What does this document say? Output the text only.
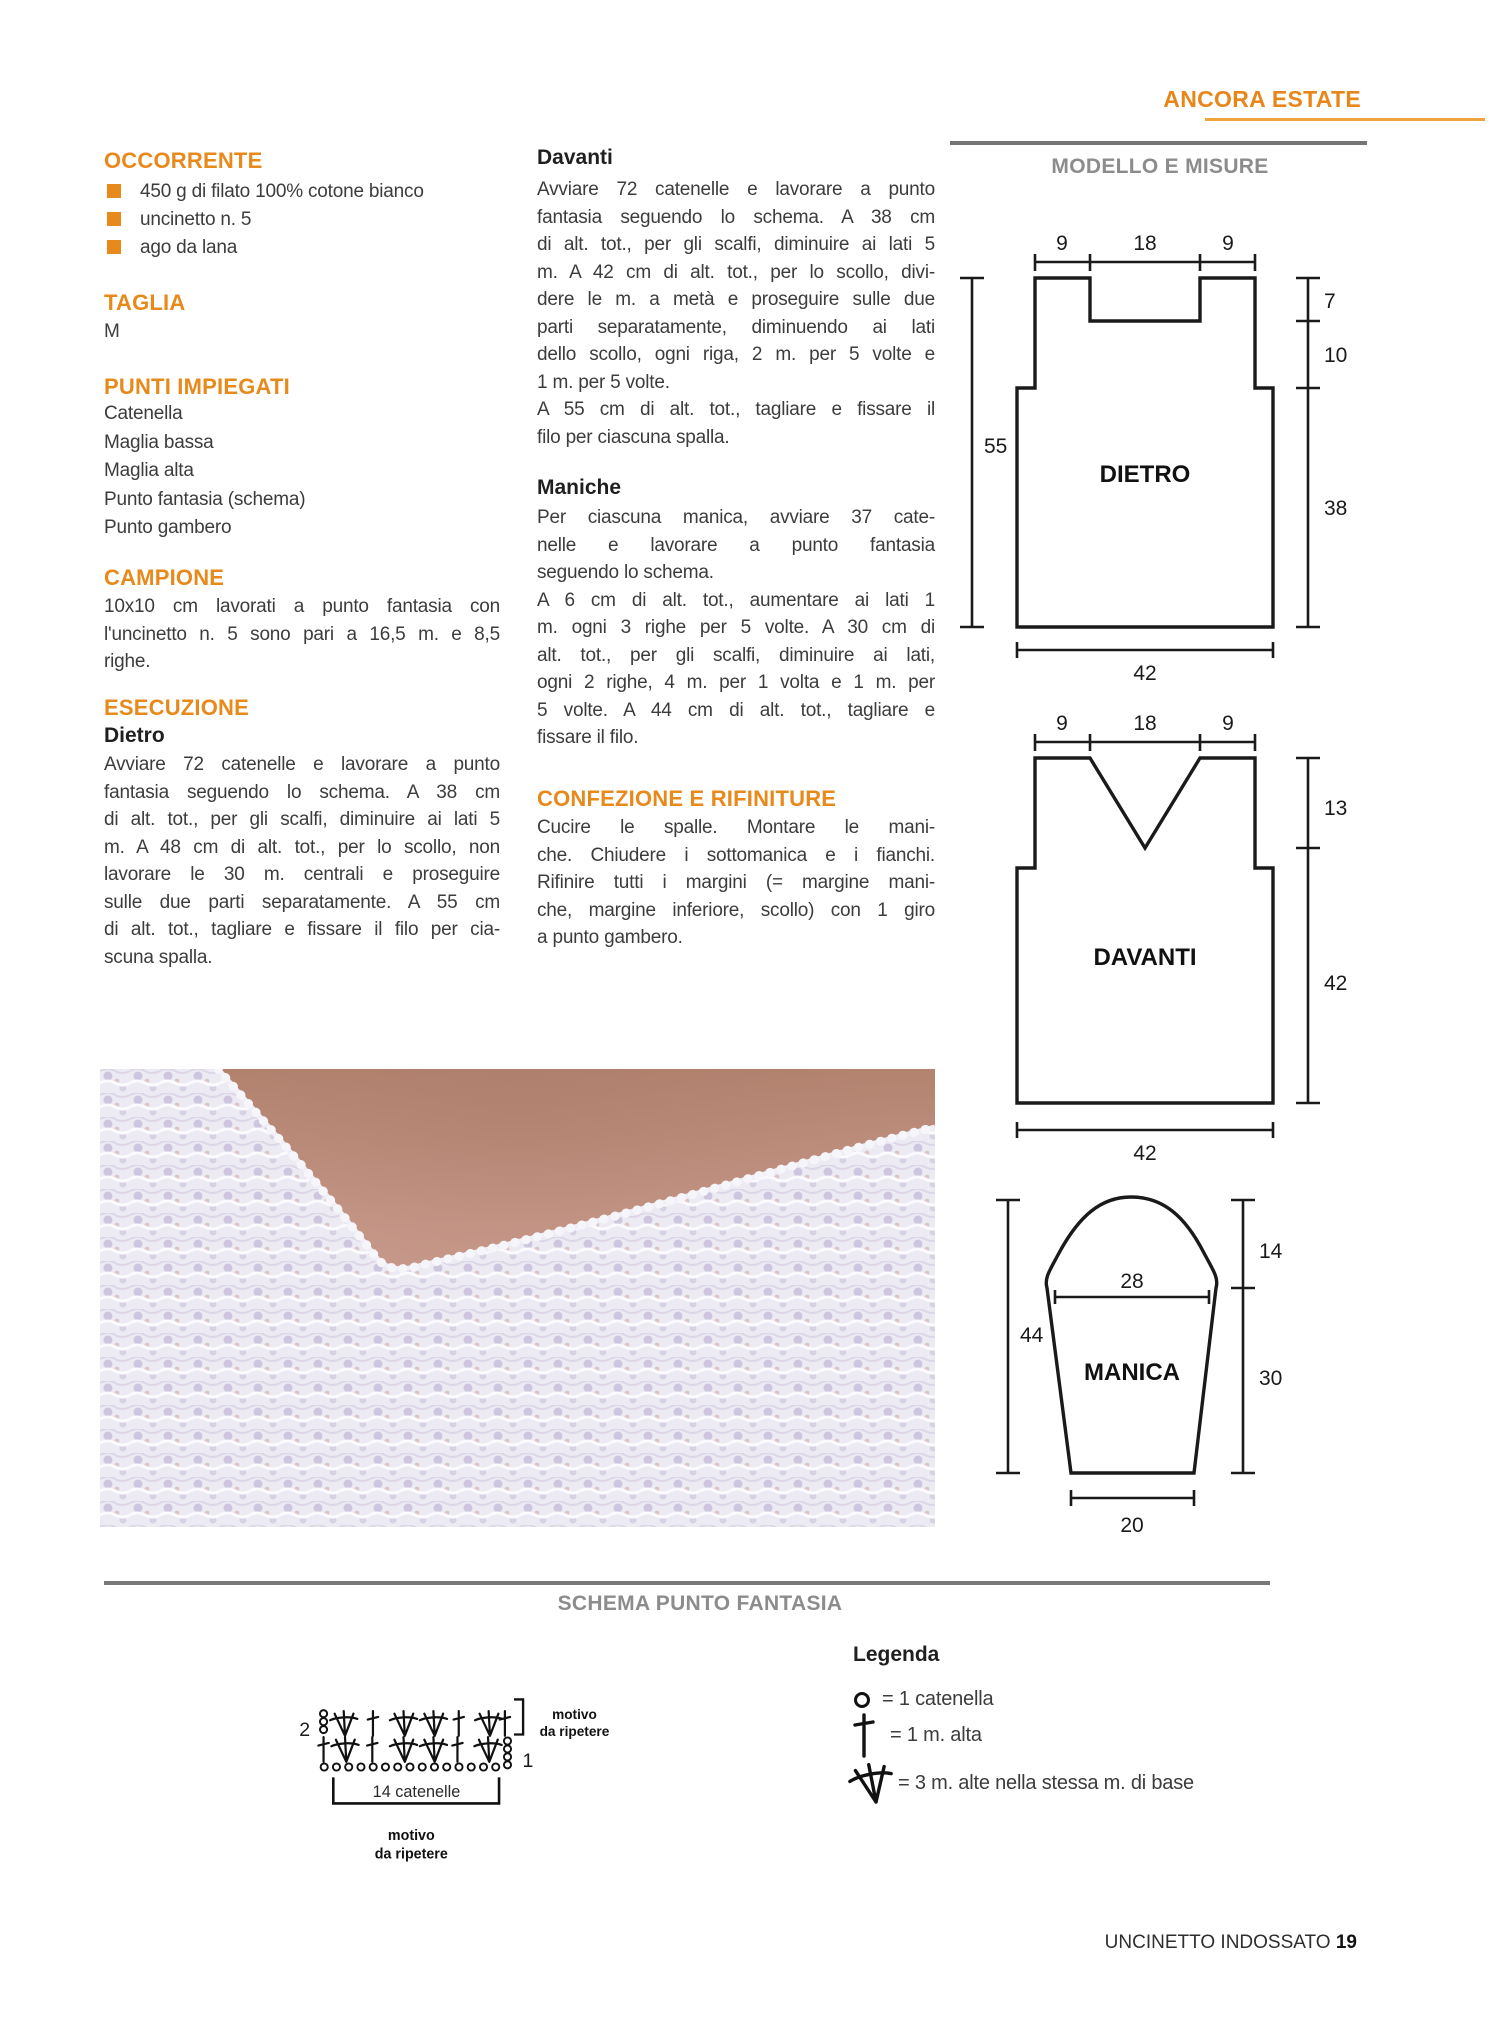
ANCORA ESTATE
OCCORRENTE
450 g di filato 100% cotone bianco
uncinetto n. 5
ago da lana
TAGLIA
M
PUNTI IMPIEGATI
Catenella
Maglia bassa
Maglia alta
Punto fantasia (schema)
Punto gambero
CAMPIONE
10x10 cm lavorati a punto fantasia con
l'uncinetto n. 5 sono pari a 16,5 m. e 8,5
righe.
ESECUZIONE
Dietro
Avviare 72 catenelle e lavorare a punto
fantasia seguendo lo schema. A 38 cm
di alt. tot., per gli scalfi, diminuire ai lati 5
m. A 48 cm di alt. tot., per lo scollo, non
lavorare le 30 m. centrali e proseguire
sulle due parti separatamente. A 55 cm
di alt. tot., tagliare e fissare il filo per cia-
scuna spalla.
Davanti
Avviare 72 catenelle e lavorare a punto
fantasia seguendo lo schema. A 38 cm
di alt. tot., per gli scalfi, diminuire ai lati 5
m. A 42 cm di alt. tot., per lo scollo, divi-
dere le m. a metà e proseguire sulle due
parti separatamente, diminuendo ai lati
dello scollo, ogni riga, 2 m. per 5 volte e
1 m. per 5 volte.
A 55 cm di alt. tot., tagliare e fissare il
filo per ciascuna spalla.
Maniche
Per ciascuna manica, avviare 37 cate-
nelle e lavorare a punto fantasia
seguendo lo schema.
A 6 cm di alt. tot., aumentare ai lati 1
m. ogni 3 righe per 5 volte. A 30 cm di
alt. tot., per gli scalfi, diminuire ai lati,
ogni 2 righe, 4 m. per 1 volta e 1 m. per
5 volte. A 44 cm di alt. tot., tagliare e
fissare il filo.
CONFEZIONE E RIFINITURE
Cucire le spalle. Montare le mani-
che. Chiudere i sottomanica e i fianchi.
Rifinire tutti i margini (= margine mani-
che, margine inferiore, scollo) con 1 giro
a punto gambero.
MODELLO E MISURE
9	18	9
55
7
10
38
42
DIETRO
9	18	9
13
42
42
DAVANTI
28
44
14
30
20
MANICA
SCHEMA PUNTO FANTASIA
2
1
motivo
da ripetere
14 catenelle
motivo
da ripetere
Legenda
= 1 catenella
= 1 m. alta
= 3 m. alte nella stessa m. di base
UNCINETTO INDOSSATO 19
